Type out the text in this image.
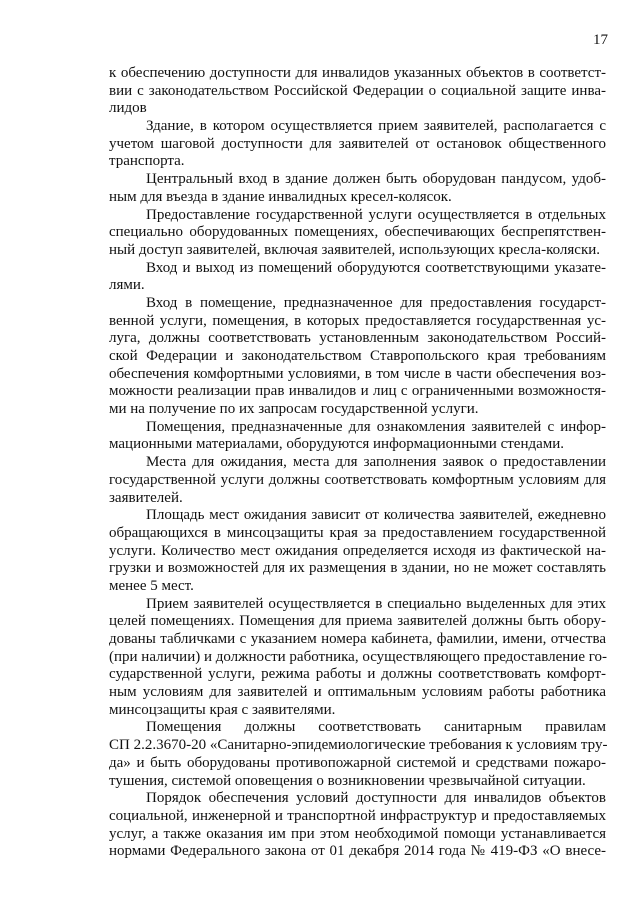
17
к обеспечению доступности для инвалидов указанных объектов в соответст-
вии с законодательством Российской Федерации о социальной защите инва-
лидов
Здание, в котором осуществляется прием заявителей, располагается с
учетом шаговой доступности для заявителей от остановок общественного
транспорта.
Центральный вход в здание должен быть оборудован пандусом, удоб-
ным для въезда в здание инвалидных кресел-колясок.
Предоставление государственной услуги осуществляется в отдельных
специально оборудованных помещениях, обеспечивающих беспрепятствен-
ный доступ заявителей, включая заявителей, использующих кресла-коляски.
Вход и выход из помещений оборудуются соответствующими указате-
лями.
Вход в помещение, предназначенное для предоставления государст-
венной услуги, помещения, в которых предоставляется государственная ус-
луга, должны соответствовать установленным законодательством Россий-
ской Федерации и законодательством Ставропольского края требованиям
обеспечения комфортными условиями, в том числе в части обеспечения воз-
можности реализации прав инвалидов и лиц с ограниченными возможностя-
ми на получение по их запросам государственной услуги.
Помещения, предназначенные для ознакомления заявителей с инфор-
мационными материалами, оборудуются информационными стендами.
Места для ожидания, места для заполнения заявок о предоставлении
государственной услуги должны соответствовать комфортным условиям для
заявителей.
Площадь мест ожидания зависит от количества заявителей, ежедневно
обращающихся в минсоцзащиты края за предоставлением государственной
услуги. Количество мест ожидания определяется исходя из фактической на-
грузки и возможностей для их размещения в здании, но не может составлять
менее 5 мест.
Прием заявителей осуществляется в специально выделенных для этих
целей помещениях. Помещения для приема заявителей должны быть обору-
дованы табличками с указанием номера кабинета, фамилии, имени, отчества
(при наличии) и должности работника, осуществляющего предоставление го-
сударственной услуги, режима работы и должны соответствовать комфорт-
ным условиям для заявителей и оптимальным условиям работы работника
минсоцзащиты края с заявителями.
Помещения должны соответствовать санитарным правилам
СП 2.2.3670-20 «Санитарно-эпидемиологические требования к условиям тру-
да» и быть оборудованы противопожарной системой и средствами пожаро-
тушения, системой оповещения о возникновении чрезвычайной ситуации.
Порядок обеспечения условий доступности для инвалидов объектов
социальной, инженерной и транспортной инфраструктур и предоставляемых
услуг, а также оказания им при этом необходимой помощи устанавливается
нормами Федерального закона от 01 декабря 2014 года № 419-ФЗ «О внесе-
